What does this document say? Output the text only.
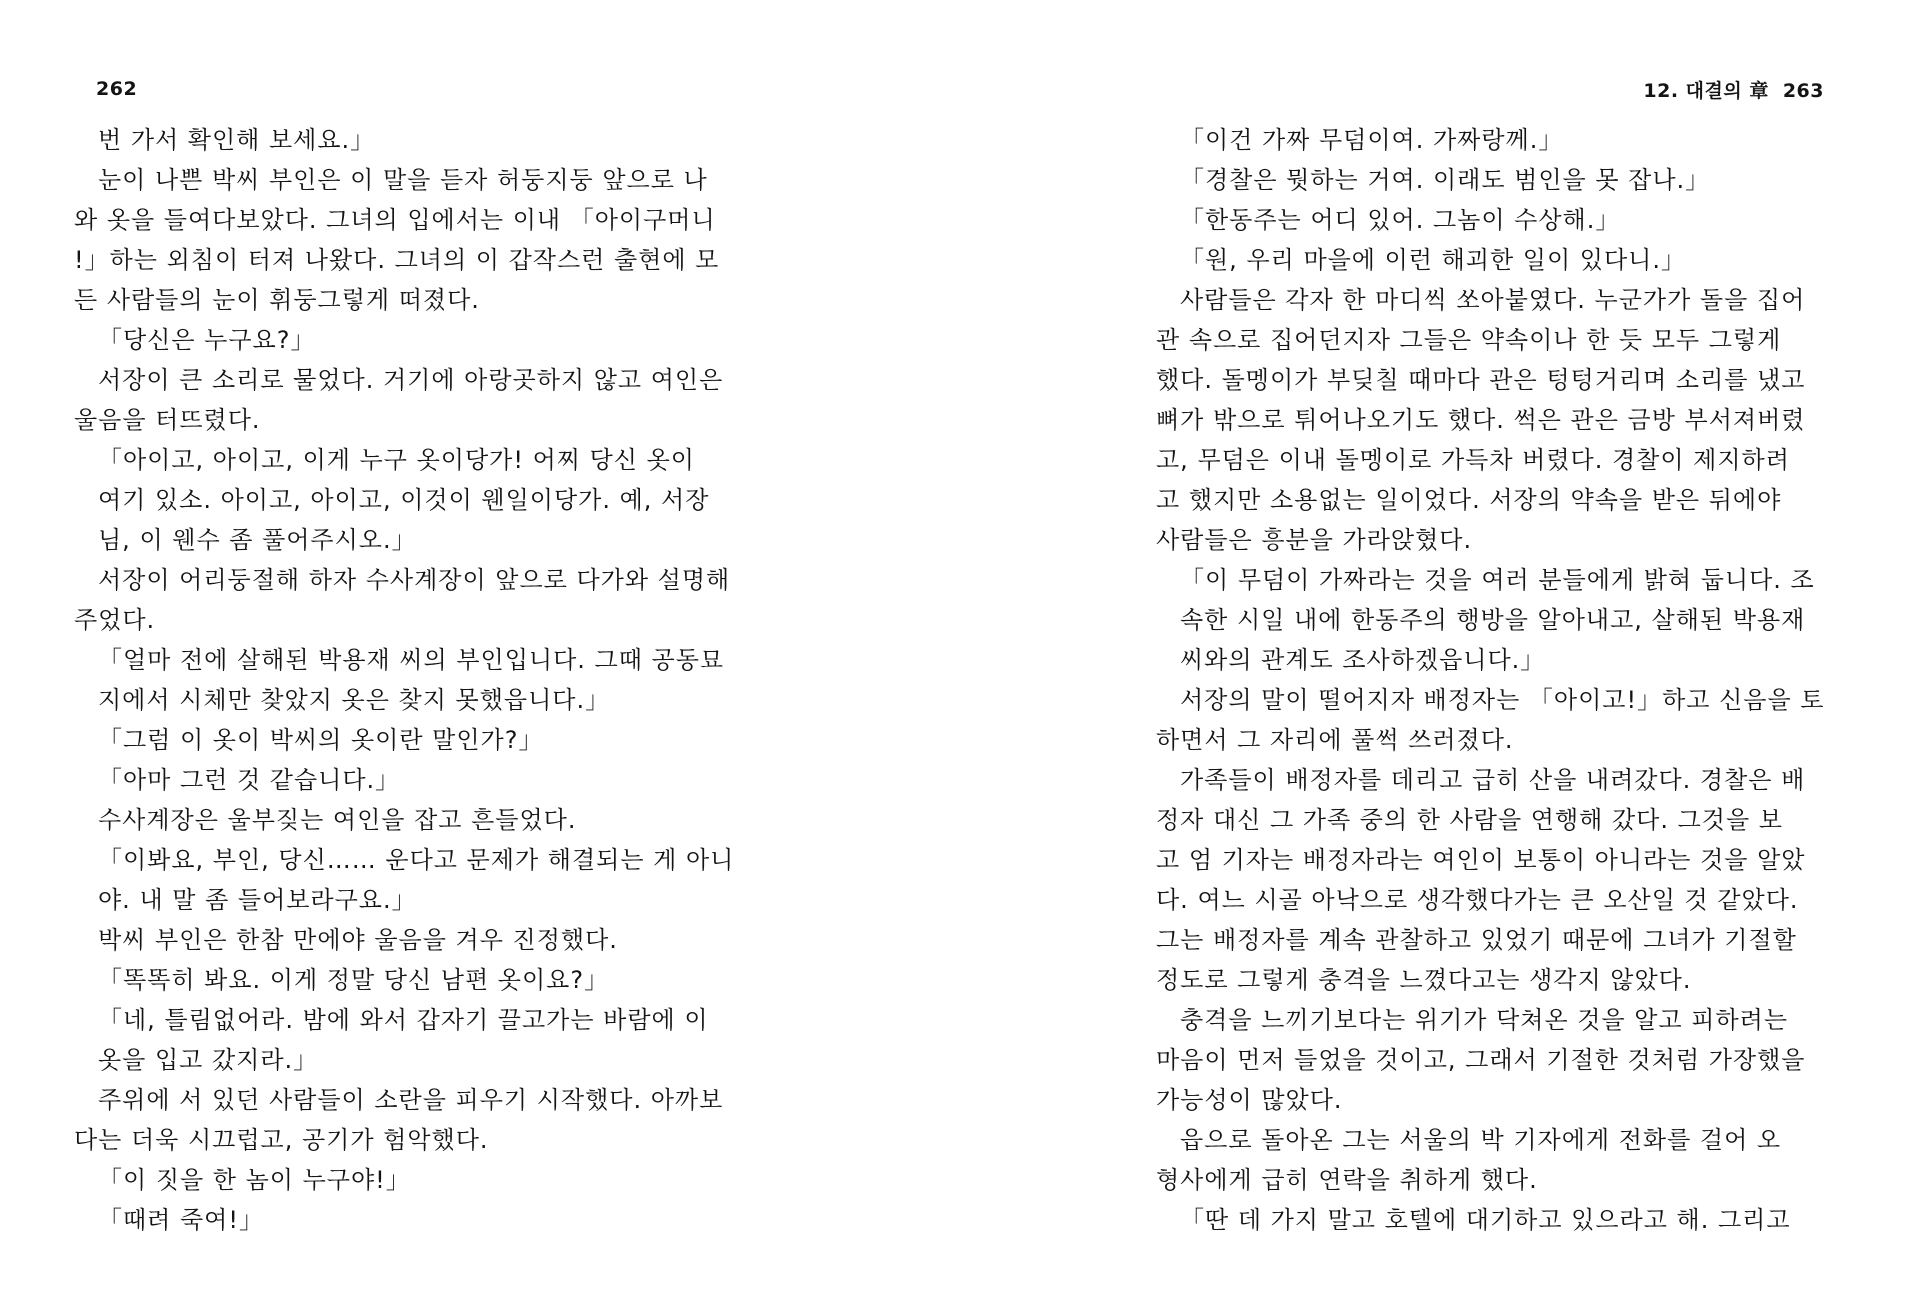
262
번 가서 확인해 보세요.」
눈이 나쁜 박씨 부인은 이 말을 듣자 허둥지둥 앞으로 나
와 옷을 들여다보았다. 그녀의 입에서는 이내 「아이구머니
!」하는 외침이 터져 나왔다. 그녀의 이 갑작스런 출현에 모
든 사람들의 눈이 휘둥그렇게 떠졌다.
「당신은 누구요?」
서장이 큰 소리로 물었다. 거기에 아랑곳하지 않고 여인은
울음을 터뜨렸다.
「아이고, 아이고, 이게 누구 옷이당가! 어찌 당신 옷이
여기 있소. 아이고, 아이고, 이것이 웬일이당가. 예, 서장
님, 이 웬수 좀 풀어주시오.」
서장이 어리둥절해 하자 수사계장이 앞으로 다가와 설명해
주었다.
「얼마 전에 살해된 박용재 씨의 부인입니다. 그때 공동묘
지에서 시체만 찾았지 옷은 찾지 못했읍니다.」
「그럼 이 옷이 박씨의 옷이란 말인가?」
「아마 그런 것 같습니다.」
수사계장은 울부짖는 여인을 잡고 흔들었다.
「이봐요, 부인, 당신…… 운다고 문제가 해결되는 게 아니
야. 내 말 좀 들어보라구요.」
박씨 부인은 한참 만에야 울음을 겨우 진정했다.
「똑똑히 봐요. 이게 정말 당신 남편 옷이요?」
「네, 틀림없어라. 밤에 와서 갑자기 끌고가는 바람에 이
옷을 입고 갔지라.」
주위에 서 있던 사람들이 소란을 피우기 시작했다. 아까보
다는 더욱 시끄럽고, 공기가 험악했다.
「이 짓을 한 놈이 누구야!」
「때려 죽여!」
12. 대결의 章 263
「이건 가짜 무덤이여. 가짜랑께.」
「경찰은 뭣하는 거여. 이래도 범인을 못 잡나.」
「한동주는 어디 있어. 그놈이 수상해.」
「원, 우리 마을에 이런 해괴한 일이 있다니.」
사람들은 각자 한 마디씩 쏘아붙였다. 누군가가 돌을 집어
관 속으로 집어던지자 그들은 약속이나 한 듯 모두 그렇게
했다. 돌멩이가 부딪칠 때마다 관은 텅텅거리며 소리를 냈고
뼈가 밖으로 튀어나오기도 했다. 썩은 관은 금방 부서져버렸
고, 무덤은 이내 돌멩이로 가득차 버렸다. 경찰이 제지하려
고 했지만 소용없는 일이었다. 서장의 약속을 받은 뒤에야
사람들은 흥분을 가라앉혔다.
「이 무덤이 가짜라는 것을 여러 분들에게 밝혀 둡니다. 조
속한 시일 내에 한동주의 행방을 알아내고, 살해된 박용재
씨와의 관계도 조사하겠읍니다.」
서장의 말이 떨어지자 배정자는 「아이고!」하고 신음을 토
하면서 그 자리에 풀썩 쓰러졌다.
가족들이 배정자를 데리고 급히 산을 내려갔다. 경찰은 배
정자 대신 그 가족 중의 한 사람을 연행해 갔다. 그것을 보
고 엄 기자는 배정자라는 여인이 보통이 아니라는 것을 알았
다. 여느 시골 아낙으로 생각했다가는 큰 오산일 것 같았다.
그는 배정자를 계속 관찰하고 있었기 때문에 그녀가 기절할
정도로 그렇게 충격을 느꼈다고는 생각지 않았다.
충격을 느끼기보다는 위기가 닥쳐온 것을 알고 피하려는
마음이 먼저 들었을 것이고, 그래서 기절한 것처럼 가장했을
가능성이 많았다.
읍으로 돌아온 그는 서울의 박 기자에게 전화를 걸어 오
형사에게 급히 연락을 취하게 했다.
「딴 데 가지 말고 호텔에 대기하고 있으라고 해. 그리고
